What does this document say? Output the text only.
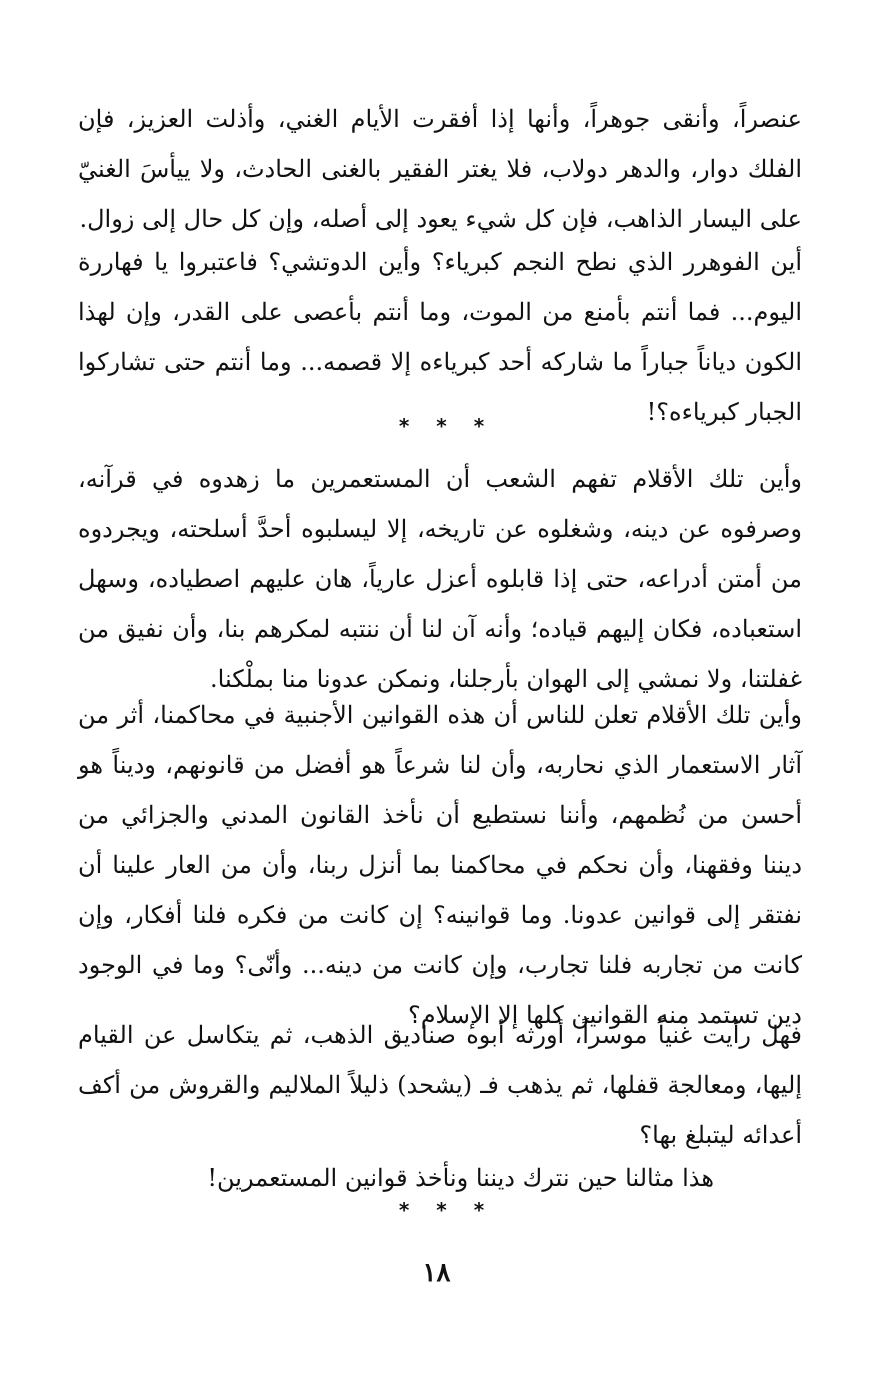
عنصراً، وأنقى جوهراً، وأنها إذا أفقرت الأيام الغني، وأذلت العزيز، فإن الفلك دوار، والدهر دولاب، فلا يغتر الفقير بالغنى الحادث، ولا ييأسَ الغنيّ على اليسار الذاهب، فإن كل شيء يعود إلى أصله، وإن كل حال إلى زوال.

أين الفوهرر الذي نطح النجم كبرياء؟ وأين الدوتشي؟ فاعتبروا يا فهاررة اليوم... فما أنتم بأمنع من الموت، وما أنتم بأعصى على القدر، وإن لهذا الكون دياناً جباراً ما شاركه أحد كبرياءه إلا قصمه... وما أنتم حتى تشاركوا الجبار كبرياءه؟!

* * *

وأين تلك الأقلام تفهم الشعب أن المستعمرين ما زهدوه في قرآنه، وصرفوه عن دينه، وشغلوه عن تاريخه، إلا ليسلبوه أحدَّ أسلحته، ويجردوه من أمتن أدراعه، حتى إذا قابلوه أعزل عارياً، هان عليهم اصطياده، وسهل استعباده، فكان إليهم قياده؛ وأنه آن لنا أن ننتبه لمكرهم بنا، وأن نفيق من غفلتنا، ولا نمشي إلى الهوان بأرجلنا، ونمكن عدونا منا بملْكنا.

وأين تلك الأقلام تعلن للناس أن هذه القوانين الأجنبية في محاكمنا، أثر من آثار الاستعمار الذي نحاربه، وأن لنا شرعاً هو أفضل من قانونهم، وديناً هو أحسن من نُظمهم، وأننا نستطيع أن نأخذ القانون المدني والجزائي من ديننا وفقهنا، وأن نحكم في محاكمنا بما أنزل ربنا، وأن من العار علينا أن نفتقر إلى قوانين عدونا. وما قوانينه؟ إن كانت من فكره فلنا أفكار، وإن كانت من تجاربه فلنا تجارب، وإن كانت من دينه... وأنّى؟ وما في الوجود دين تستمد منه القوانين كلها إلا الإسلام؟

فهل رأيت غنياً موسراً، أورثه أبوه صناديق الذهب، ثم يتكاسل عن القيام إليها، ومعالجة قفلها، ثم يذهب فـ (يشحد) ذليلاً الملاليم والقروش من أكف أعدائه ليتبلغ بها؟

هذا مثالنا حين نترك ديننا ونأخذ قوانين المستعمرين!

* * *
١٨
